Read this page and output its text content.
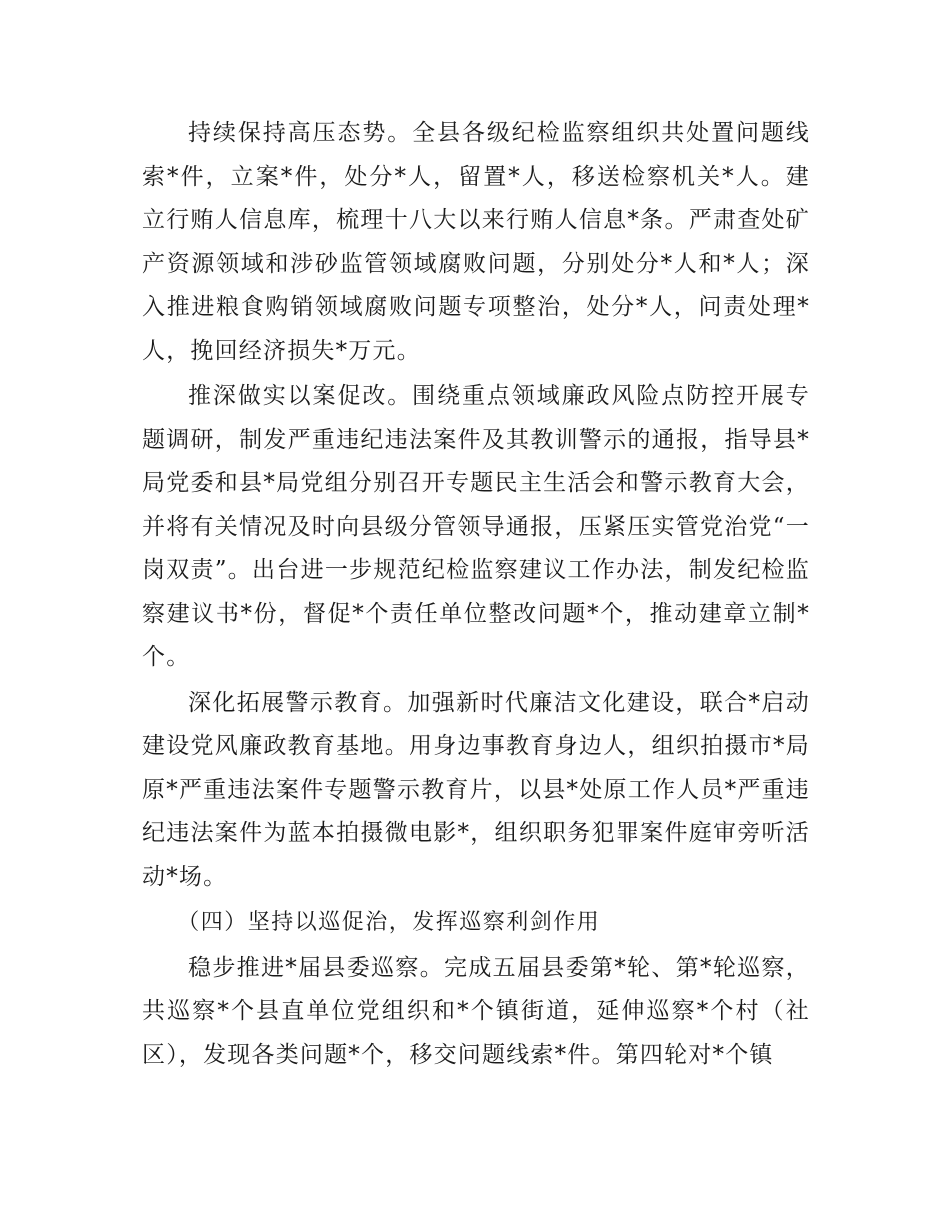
持续保持高压态势。全县各级纪检监察组织共处置问题线索*件，立案*件，处分*人，留置*人，移送检察机关*人。建立行贿人信息库，梳理十八大以来行贿人信息*条。严肃查处矿产资源领域和涉砂监管领域腐败问题，分别处分*人和*人；深入推进粮食购销领域腐败问题专项整治，处分*人，问责处理*人，挽回经济损失*万元。

推深做实以案促改。围绕重点领域廉政风险点防控开展专题调研，制发严重违纪违法案件及其教训警示的通报，指导县*局党委和县*局党组分别召开专题民主生活会和警示教育大会，并将有关情况及时向县级分管领导通报，压紧压实管党治党“一岗双责”。出台进一步规范纪检监察建议工作办法，制发纪检监察建议书*份，督促*个责任单位整改问题*个，推动建章立制*个。

深化拓展警示教育。加强新时代廉洁文化建设，联合*启动建设党风廉政教育基地。用身边事教育身边人，组织拍摄市*局原*严重违法案件专题警示教育片，以县*处原工作人员*严重违纪违法案件为蓝本拍摄微电影*，组织职务犯罪案件庭审旁听活动*场。

（四）坚持以巡促治，发挥巡察利剑作用

稳步推进*届县委巡察。完成五届县委第*轮、第*轮巡察，共巡察*个县直单位党组织和*个镇街道，延伸巡察*个村（社区），发现各类问题*个，移交问题线索*件。第四轮对*个镇
